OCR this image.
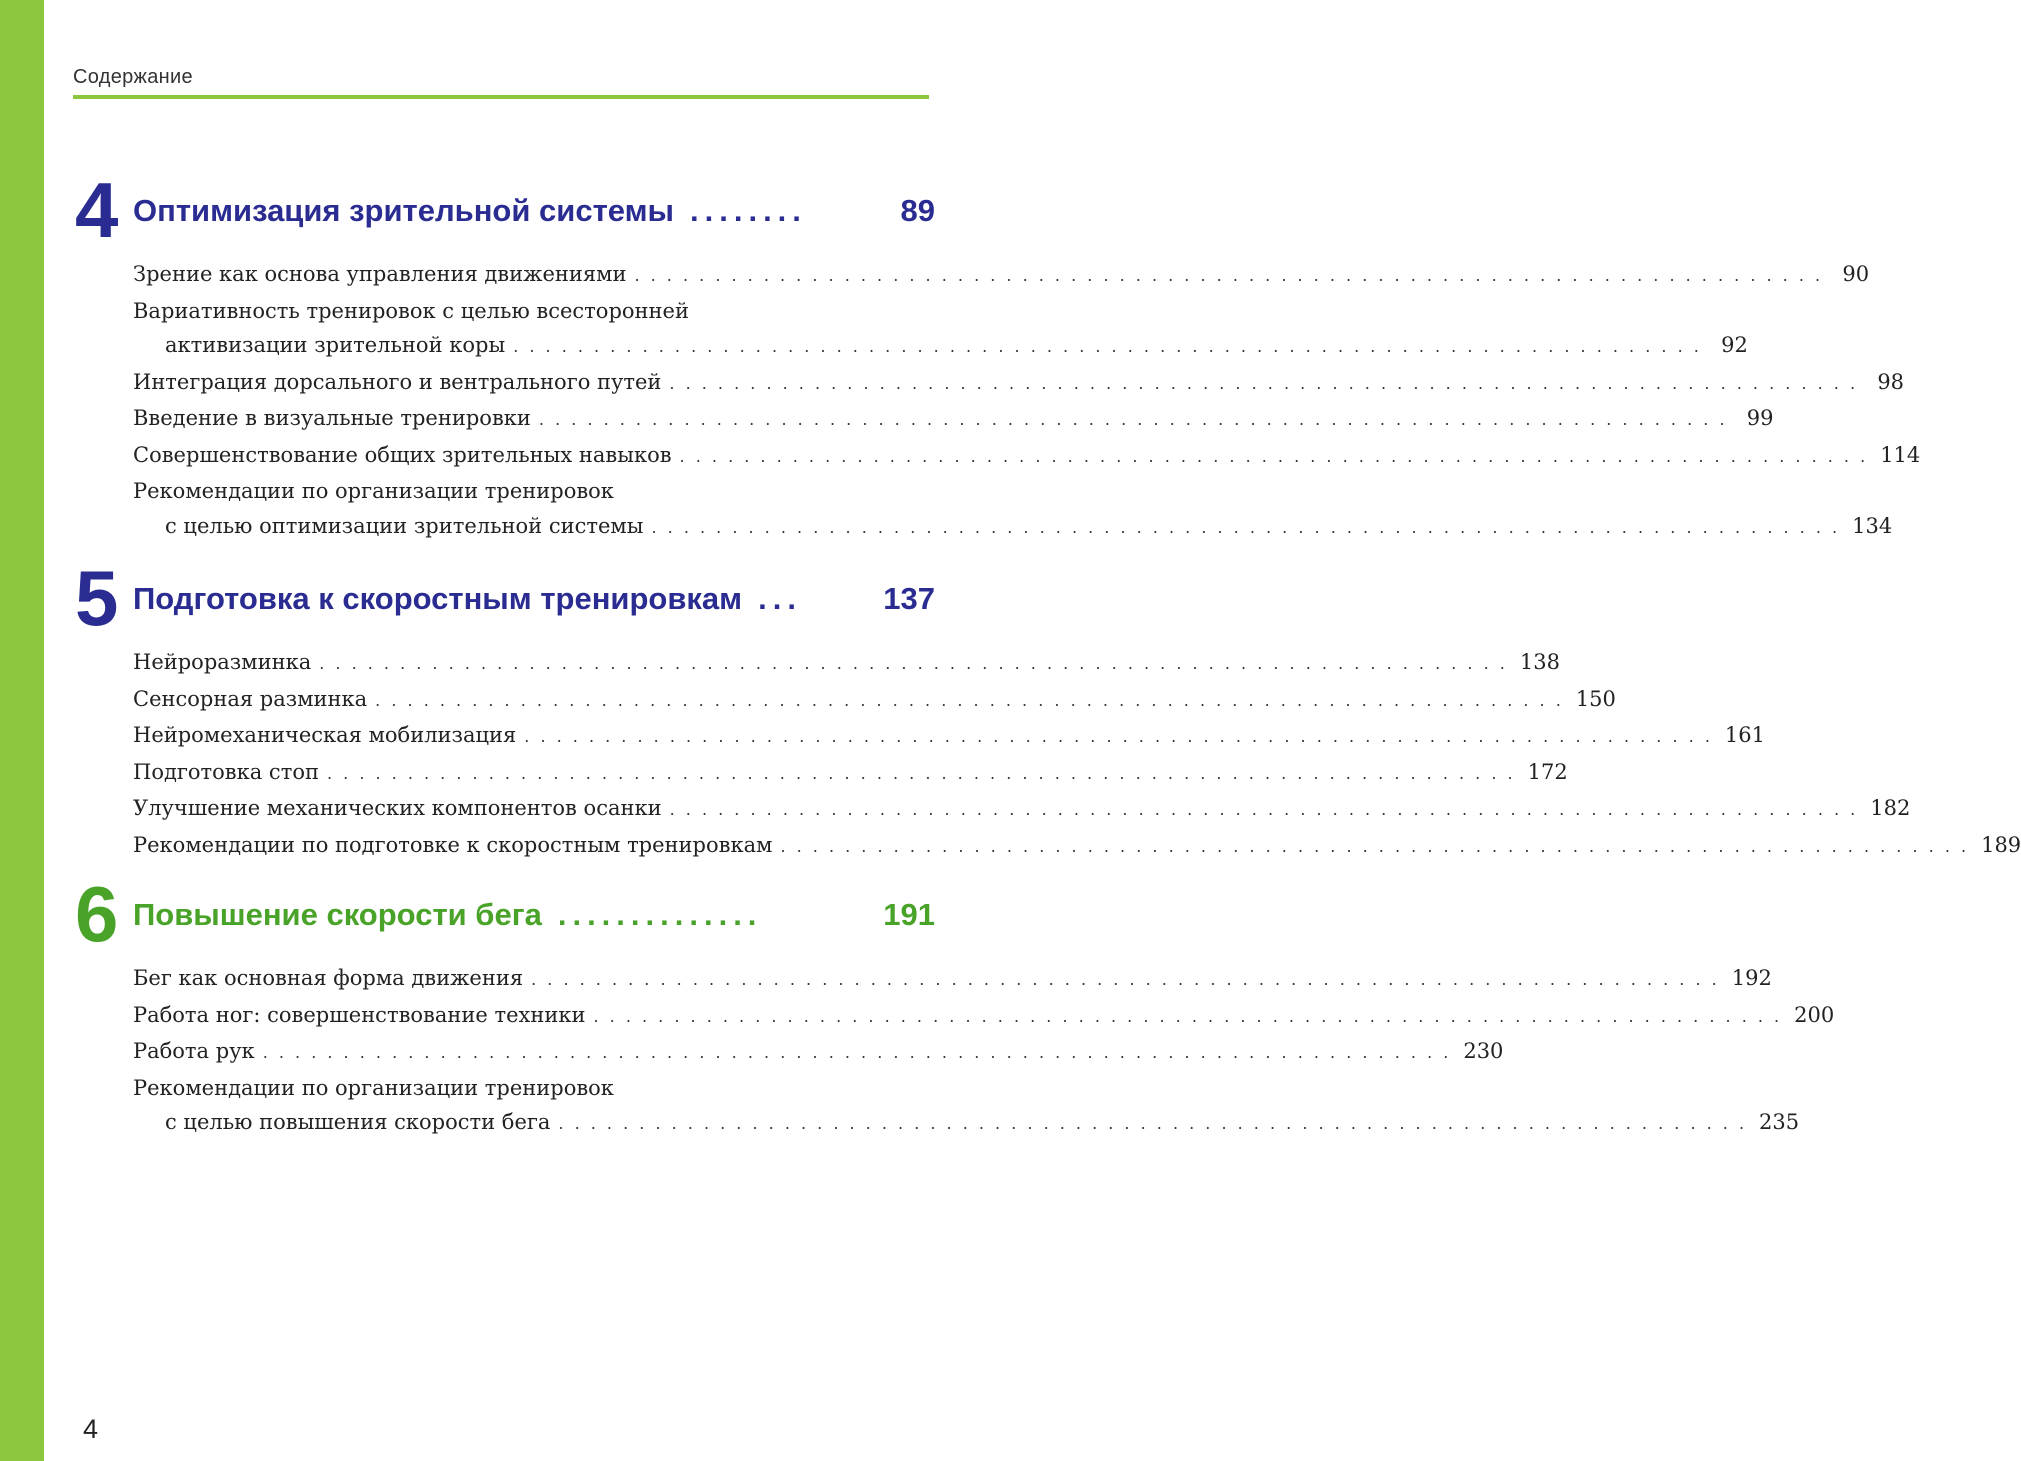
Содержание
4 Оптимизация зрительной системы ........	89
Зрение как основа управления движениями . . . . . . . . . . . . . . . . . . . . . . . . . . . . . . . . . . . . . . . . . . . . . . . . . . . . . . . . . . . . . . . . . . . . . . . . . . 90
Вариативность тренировок с целью всесторонней
активизации зрительной коры . . . . . . . . . . . . . . . . . . . . . . . . . . . . . . . . . . . . . . . . . . . . . . . . . . . . . . . . . . . . . . . . . . . . . . . . . . 92
Интеграция дорсального и вентрального путей . . . . . . . . . . . . . . . . . . . . . . . . . . . . . . . . . . . . . . . . . . . . . . . . . . . . . . . . . . . . . . . . . . . . . . . . . . 98
Введение в визуальные тренировки . . . . . . . . . . . . . . . . . . . . . . . . . . . . . . . . . . . . . . . . . . . . . . . . . . . . . . . . . . . . . . . . . . . . . . . . . . 99
Совершенствование общих зрительных навыков . . . . . . . . . . . . . . . . . . . . . . . . . . . . . . . . . . . . . . . . . . . . . . . . . . . . . . . . . . . . . . . . . . . . . . . . . . 114
Рекомендации по организации тренировок
с целью оптимизации зрительной системы . . . . . . . . . . . . . . . . . . . . . . . . . . . . . . . . . . . . . . . . . . . . . . . . . . . . . . . . . . . . . . . . . . . . . . . . . . 134
5 Подготовка к скоростным тренировкам ...	137
Нейроразминка . . . . . . . . . . . . . . . . . . . . . . . . . . . . . . . . . . . . . . . . . . . . . . . . . . . . . . . . . . . . . . . . . . . . . . . . . . 138
Сенсорная разминка . . . . . . . . . . . . . . . . . . . . . . . . . . . . . . . . . . . . . . . . . . . . . . . . . . . . . . . . . . . . . . . . . . . . . . . . . . 150
Нейромеханическая мобилизация . . . . . . . . . . . . . . . . . . . . . . . . . . . . . . . . . . . . . . . . . . . . . . . . . . . . . . . . . . . . . . . . . . . . . . . . . . 161
Подготовка стоп . . . . . . . . . . . . . . . . . . . . . . . . . . . . . . . . . . . . . . . . . . . . . . . . . . . . . . . . . . . . . . . . . . . . . . . . . . 172
Улучшение механических компонентов осанки . . . . . . . . . . . . . . . . . . . . . . . . . . . . . . . . . . . . . . . . . . . . . . . . . . . . . . . . . . . . . . . . . . . . . . . . . . 182
Рекомендации по подготовке к скоростным тренировкам . . . . . . . . . . . . . . . . . . . . . . . . . . . . . . . . . . . . . . . . . . . . . . . . . . . . . . . . . . . . . . . . . . . . . . . . . . 189
6 Повышение скорости бега ..............	191
Бег как основная форма движения . . . . . . . . . . . . . . . . . . . . . . . . . . . . . . . . . . . . . . . . . . . . . . . . . . . . . . . . . . . . . . . . . . . . . . . . . . 192
Работа ног: совершенствование техники . . . . . . . . . . . . . . . . . . . . . . . . . . . . . . . . . . . . . . . . . . . . . . . . . . . . . . . . . . . . . . . . . . . . . . . . . . 200
Работа рук . . . . . . . . . . . . . . . . . . . . . . . . . . . . . . . . . . . . . . . . . . . . . . . . . . . . . . . . . . . . . . . . . . . . . . . . . . 230
Рекомендации по организации тренировок
с целью повышения скорости бега . . . . . . . . . . . . . . . . . . . . . . . . . . . . . . . . . . . . . . . . . . . . . . . . . . . . . . . . . . . . . . . . . . . . . . . . . . 235
4
